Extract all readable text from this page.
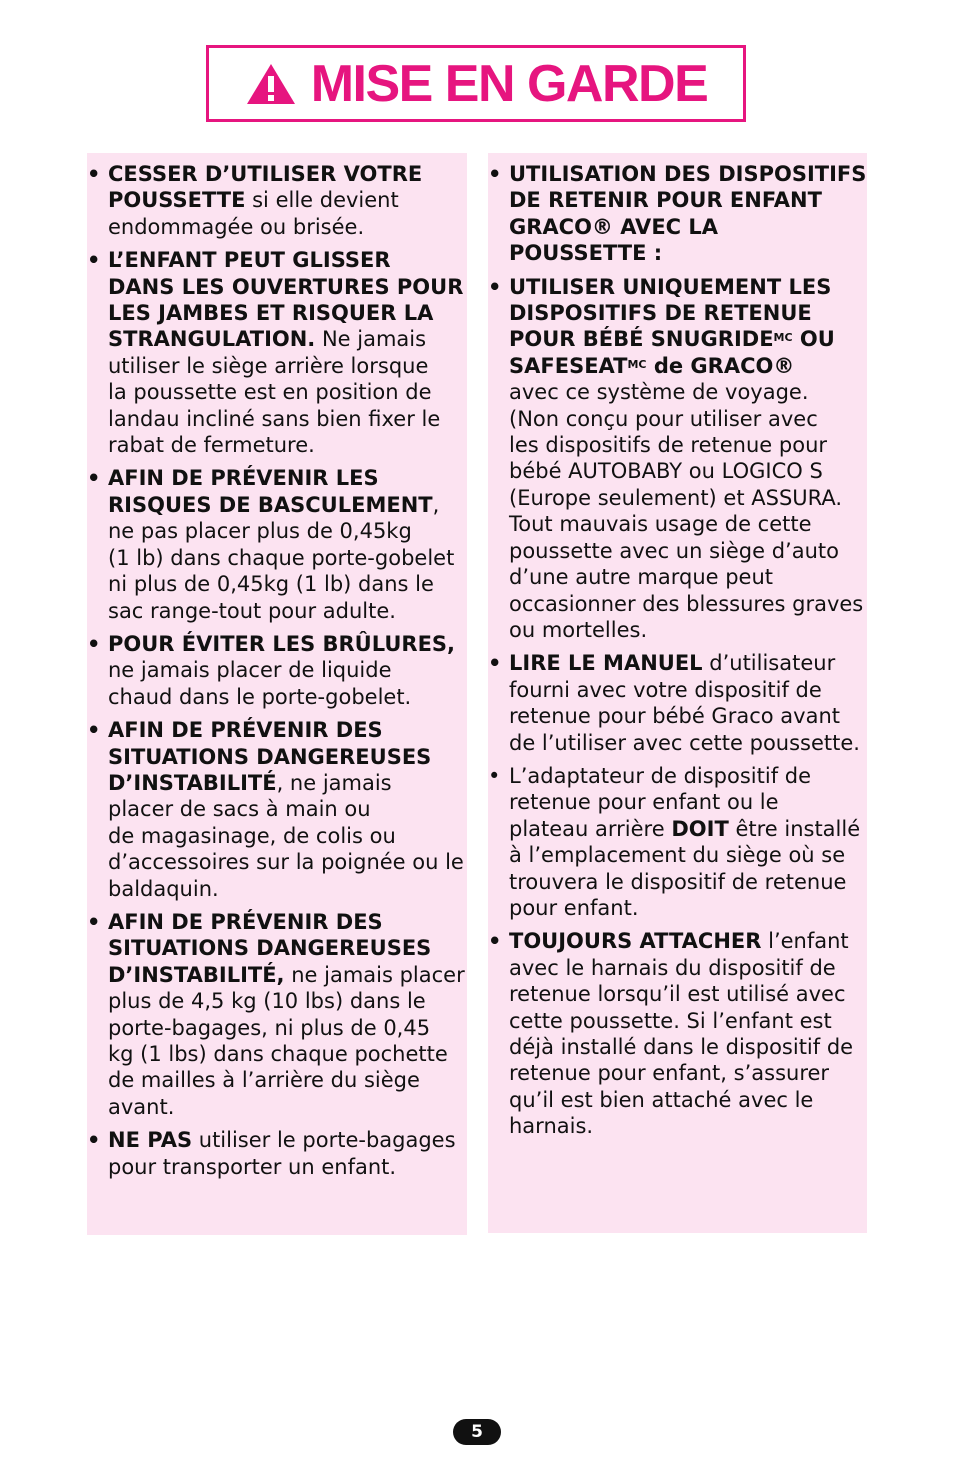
MISE EN GARDE
• CESSER D’UTILISER VOTRE
POUSSETTE si elle devient
endommagée ou brisée.
• L’ENFANT PEUT GLISSER
DANS LES OUVERTURES POUR
LES JAMBES ET RISQUER LA
STRANGULATION. Ne jamais
utiliser le siège arrière lorsque
la poussette est en position de
landau incliné sans bien fixer le
rabat de fermeture.
• AFIN DE PRÉVENIR LES
RISQUES DE BASCULEMENT,
ne pas placer plus de 0,45kg
(1 lb) dans chaque porte-gobelet
ni plus de 0,45kg (1 lb) dans le
sac range-tout pour adulte.
• POUR ÉVITER LES BRÛLURES,
ne jamais placer de liquide
chaud dans le porte-gobelet.
• AFIN DE PRÉVENIR DES
SITUATIONS DANGEREUSES
D’INSTABILITÉ, ne jamais
placer de sacs à main ou
de magasinage, de colis ou
d’accessoires sur la poignée ou le
baldaquin.
• AFIN DE PRÉVENIR DES
SITUATIONS DANGEREUSES
D’INSTABILITÉ, ne jamais placer
plus de 4,5 kg (10 lbs) dans le
porte-bagages, ni plus de 0,45
kg (1 lbs) dans chaque pochette
de mailles à l’arrière du siège
avant.
• NE PAS utiliser le porte-bagages
pour transporter un enfant.
• UTILISATION DES DISPOSITIFS
DE RETENIR POUR ENFANT
GRACO® AVEC LA
POUSSETTE :
• UTILISER UNIQUEMENT LES
DISPOSITIFS DE RETENUE
POUR BÉBÉ $SNUGRIDE^{MC}$ OU
$SAFESEAT^{MC}$ de GRACO®
avec ce système de voyage.
(Non conçu pour utiliser avec
les dispositifs de retenue pour
bébé AUTOBABY ou LOGICO S
(Europe seulement) et ASSURA.
Tout mauvais usage de cette
poussette avec un siège d’auto
d’une autre marque peut
occasionner des blessures graves
ou mortelles.
• LIRE LE MANUEL d’utilisateur
fourni avec votre dispositif de
retenue pour bébé Graco avant
de l’utiliser avec cette poussette.
• L’adaptateur de dispositif de
retenue pour enfant ou le
plateau arrière DOIT être installé
à l’emplacement du siège où se
trouvera le dispositif de retenue
pour enfant.
• TOUJOURS ATTACHER l’enfant
avec le harnais du dispositif de
retenue lorsqu’il est utilisé avec
cette poussette. Si l’enfant est
déjà installé dans le dispositif de
retenue pour enfant, s’assurer
qu’il est bien attaché avec le
harnais.
5
